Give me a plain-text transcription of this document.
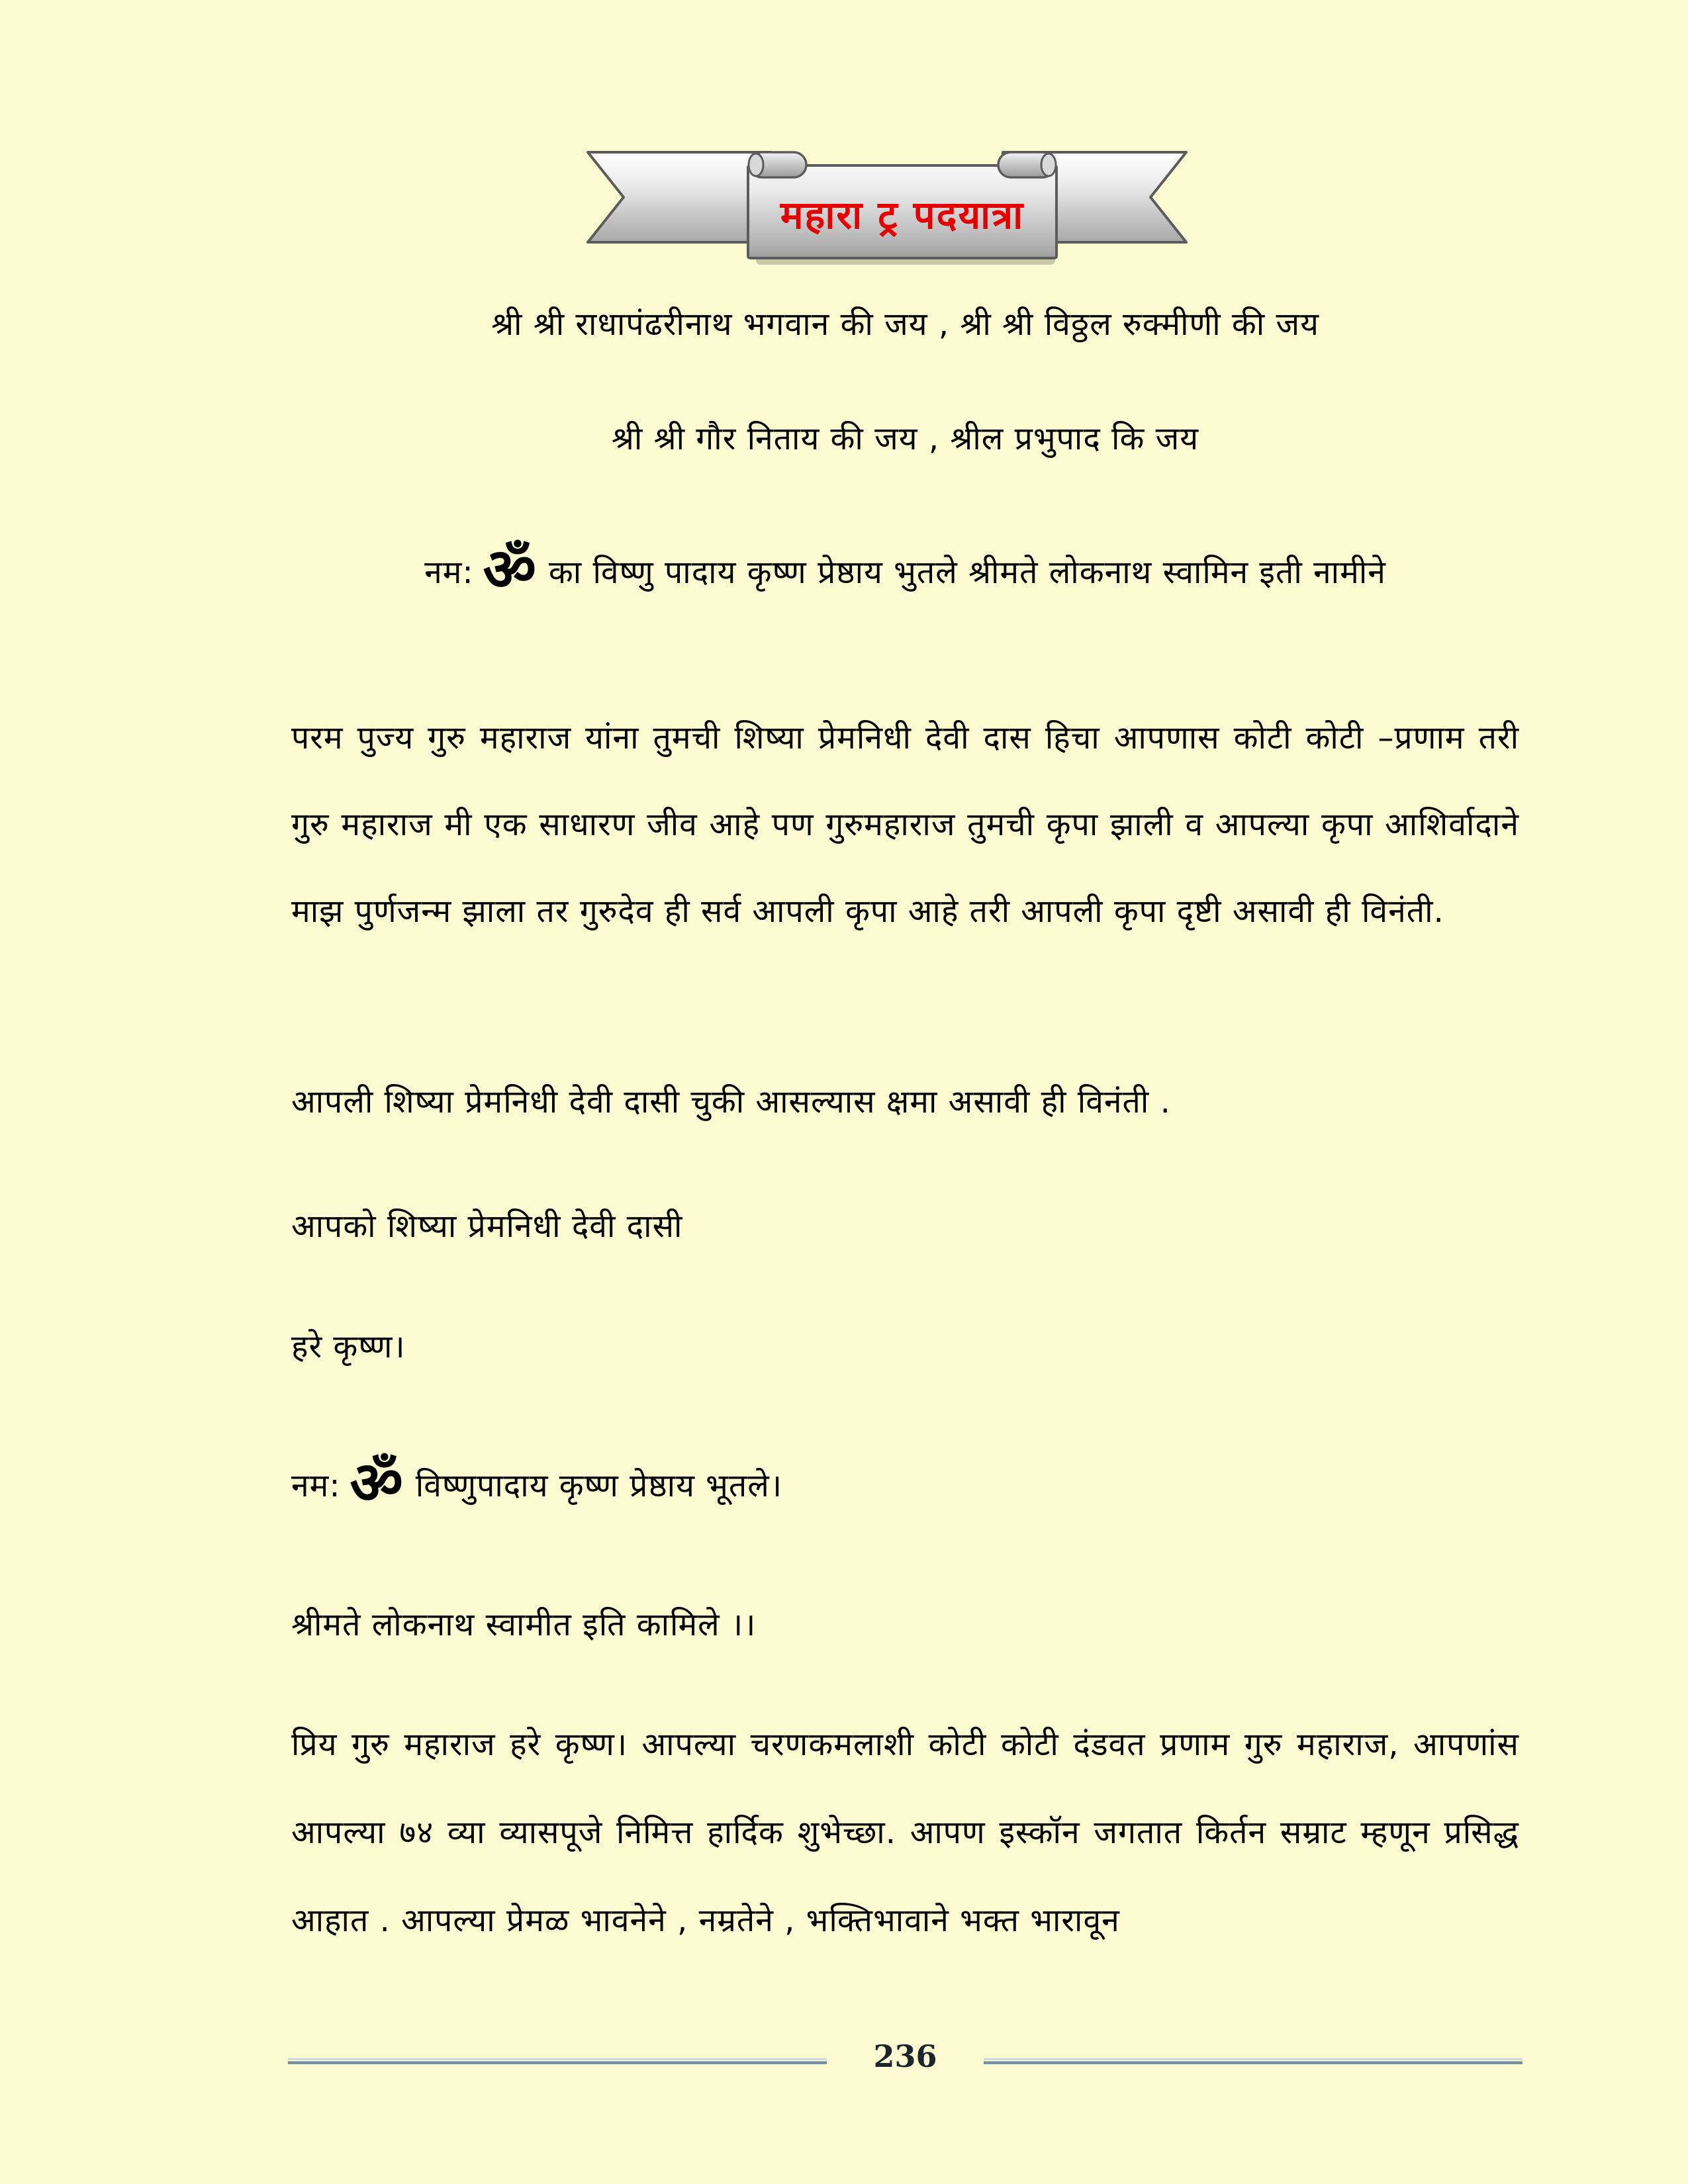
महारा ट्र पदयात्रा

श्री श्री राधापंढरीनाथ भगवान की जय , श्री श्री विठ्ठल रुक्मीणी की जय

श्री श्री गौर निताय की जय , श्रील प्रभुपाद कि जय

नम: ॐ का विष्णु पादाय कृष्ण प्रेष्ठाय भुतले श्रीमते लोकनाथ स्वामिन इती नामीने

परम पुज्य गुरु महाराज यांना तुमची शिष्या प्रेमनिधी देवी दास हिचा आपणास कोटी कोटी –प्रणाम तरी गुरु महाराज मी एक साधारण जीव आहे पण गुरुमहाराज तुमची कृपा झाली व आपल्या कृपा आशिर्वादाने माझ पुर्णजन्म झाला तर गुरुदेव ही सर्व आपली कृपा आहे तरी आपली कृपा दृष्टी असावी ही विनंती.

आपली शिष्या प्रेमनिधी देवी दासी चुकी आसल्यास क्षमा असावी ही विनंती .

आपको शिष्या प्रेमनिधी देवी दासी

हरे कृष्ण।

नम: ॐ विष्णुपादाय कृष्ण प्रेष्ठाय भूतले।

श्रीमते लोकनाथ स्वामीत इति कामिले ।।

प्रिय गुरु महाराज हरे कृष्ण। आपल्या चरणकमलाशी कोटी कोटी दंडवत प्रणाम गुरु महाराज, आपणांस आपल्या ७४ व्या व्यासपूजे निमित्त हार्दिक शुभेच्छा. आपण इस्कॉन जगतात किर्तन सम्राट म्हणून प्रसिद्ध आहात . आपल्या प्रेमळ भावनेने , नम्रतेने , भक्तिभावाने भक्त भारावून

236
